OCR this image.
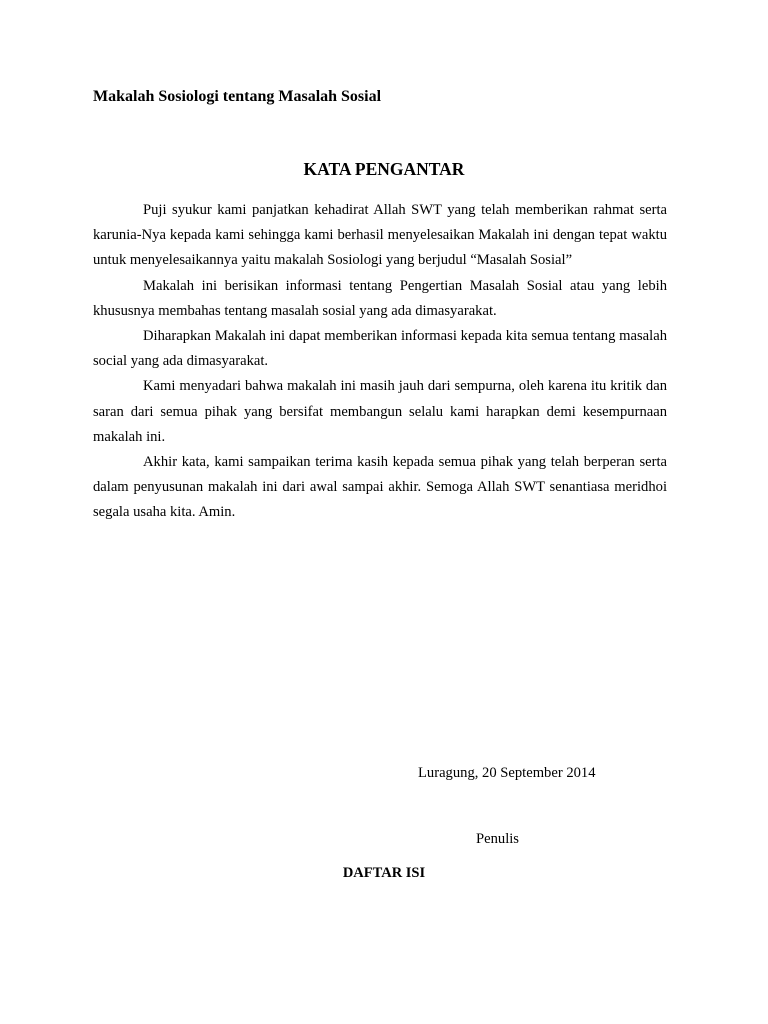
Makalah Sosiologi tentang Masalah Sosial
KATA PENGANTAR

Puji syukur kami panjatkan kehadirat Allah SWT yang telah memberikan rahmat serta karunia-Nya kepada kami sehingga kami berhasil menyelesaikan Makalah ini dengan tepat waktu untuk menyelesaikannya yaitu makalah Sosiologi yang berjudul “Masalah Sosial”

Makalah ini berisikan informasi tentang Pengertian Masalah Sosial atau yang lebih khususnya membahas tentang masalah sosial yang ada dimasyarakat.

Diharapkan Makalah ini dapat memberikan informasi kepada kita semua tentang masalah social yang ada dimasyarakat.

Kami menyadari bahwa makalah ini masih jauh dari sempurna, oleh karena itu kritik dan saran dari semua pihak yang bersifat membangun selalu kami harapkan demi kesempurnaan makalah ini.

Akhir kata, kami sampaikan terima kasih kepada semua pihak yang telah berperan serta dalam penyusunan makalah ini dari awal sampai akhir. Semoga Allah SWT senantiasa meridhoi segala usaha kita. Amin.

Luragung, 20 September 2014
Penulis
DAFTAR ISI
